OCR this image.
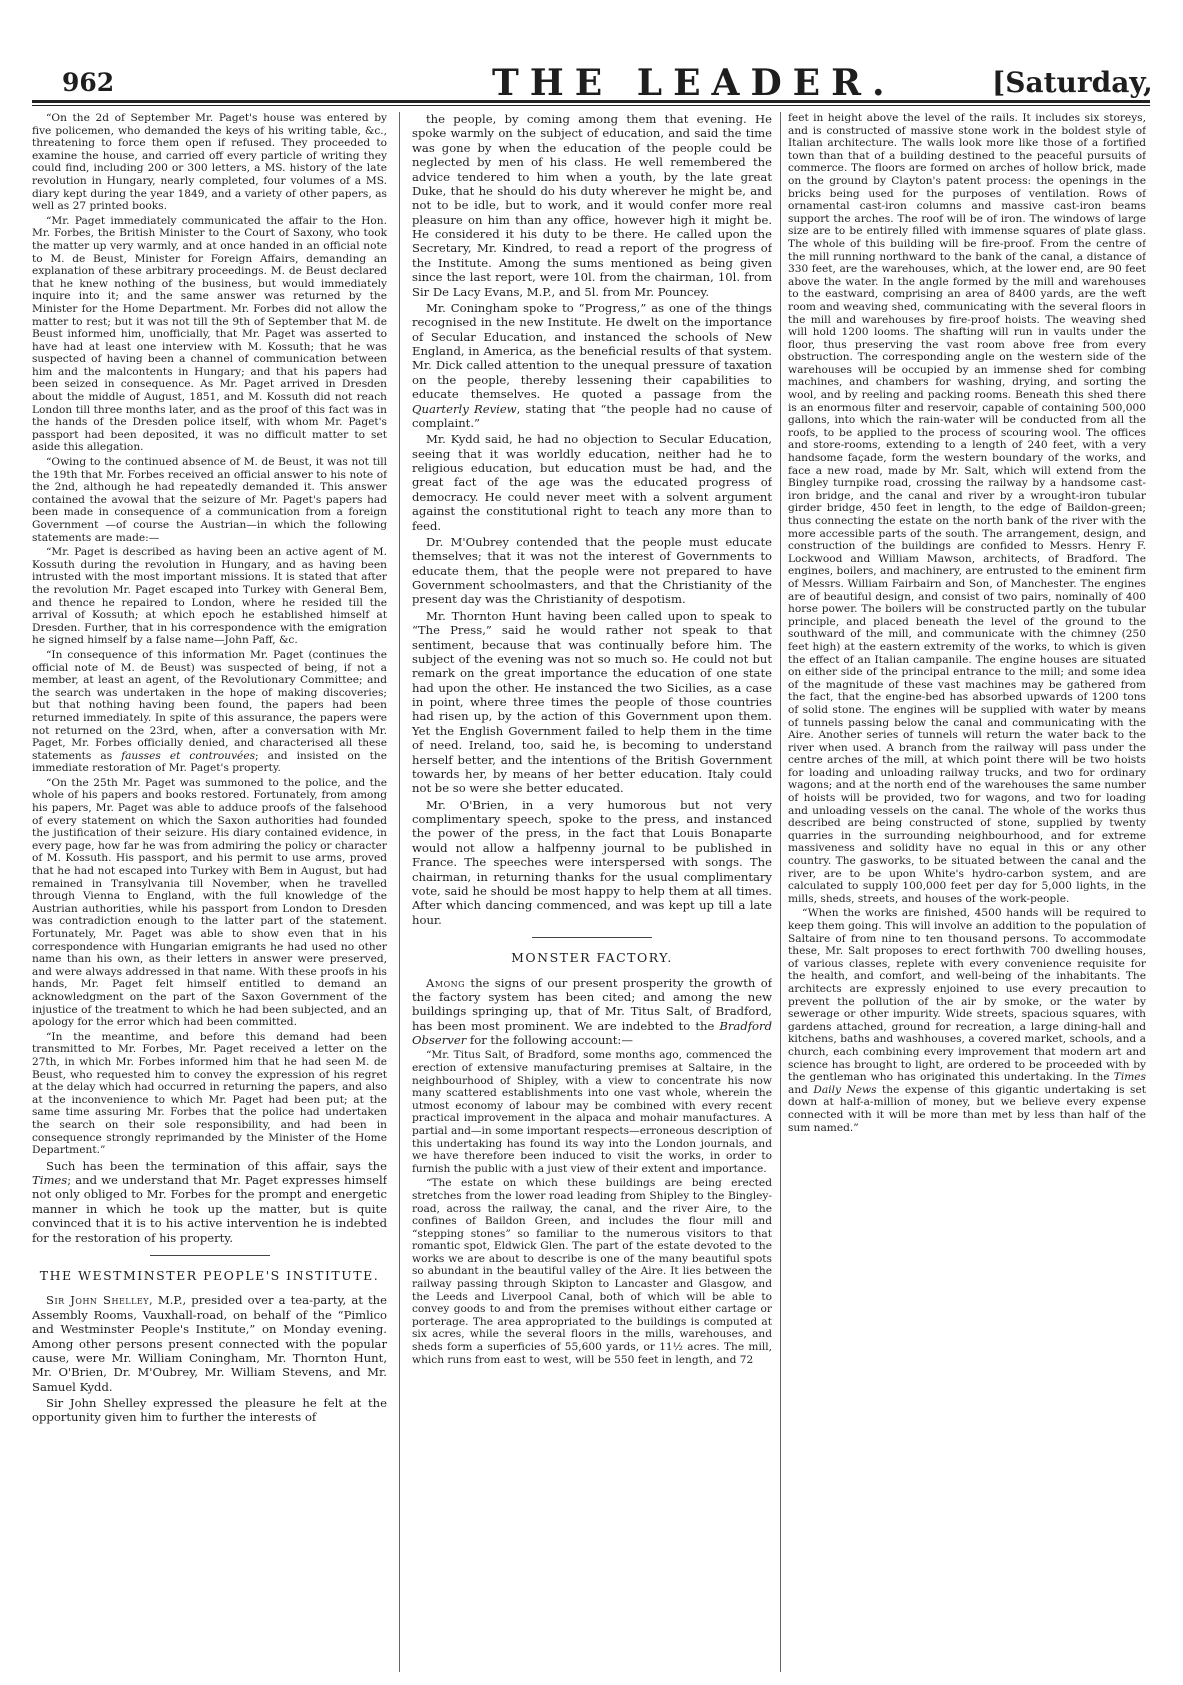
962	THE LEADER.	[Saturday,

“On the 2d of September Mr. Paget's house was entered by five policemen, who demanded the keys of his writing table, &c., threatening to force them open if refused. They proceeded to examine the house, and carried off every particle of writing they could find, including 200 or 300 letters, a MS. history of the late revolution in Hungary, nearly completed, four volumes of a MS. diary kept during the year 1849, and a variety of other papers, as well as 27 printed books.

“Mr. Paget immediately communicated the affair to the Hon. Mr. Forbes, the British Minister to the Court of Saxony, who took the matter up very warmly, and at once handed in an official note to M. de Beust, Minister for Foreign Affairs, demanding an explanation of these arbitrary proceedings. M. de Beust declared that he knew nothing of the business, but would immediately inquire into it; and the same answer was returned by the Minister for the Home Department. Mr. Forbes did not allow the matter to rest; but it was not till the 9th of September that M. de Beust informed him, unofficially, that Mr. Paget was asserted to have had at least one interview with M. Kossuth; that he was suspected of having been a channel of communication between him and the malcontents in Hungary; and that his papers had been seized in consequence. As Mr. Paget arrived in Dresden about the middle of August, 1851, and M. Kossuth did not reach London till three months later, and as the proof of this fact was in the hands of the Dresden police itself, with whom Mr. Paget's passport had been deposited, it was no difficult matter to set aside this allegation.

“Owing to the continued absence of M. de Beust, it was not till the 19th that Mr. Forbes received an official answer to his note of the 2nd, although he had repeatedly demanded it. This answer contained the avowal that the seizure of Mr. Paget's papers had been made in consequence of a communication from a foreign Government —of course the Austrian—in which the following statements are made:—

“Mr. Paget is described as having been an active agent of M. Kossuth during the revolution in Hungary, and as having been intrusted with the most important missions. It is stated that after the revolution Mr. Paget escaped into Turkey with General Bem, and thence he repaired to London, where he resided till the arrival of Kossuth; at which epoch he established himself at Dresden. Further, that in his correspondence with the emigration he signed himself by a false name—John Paff, &c.

“In consequence of this information Mr. Paget (continues the official note of M. de Beust) was suspected of being, if not a member, at least an agent, of the Revolutionary Committee; and the search was undertaken in the hope of making discoveries; but that nothing having been found, the papers had been returned immediately. In spite of this assurance, the papers were not returned on the 23rd, when, after a conversation with Mr. Paget, Mr. Forbes officially denied, and characterised all these statements as fausses et controuvées; and insisted on the immediate restoration of Mr. Paget's property.

“On the 25th Mr. Paget was summoned to the police, and the whole of his papers and books restored. Fortunately, from among his papers, Mr. Paget was able to adduce proofs of the falsehood of every statement on which the Saxon authorities had founded the justification of their seizure. His diary contained evidence, in every page, how far he was from admiring the policy or character of M. Kossuth. His passport, and his permit to use arms, proved that he had not escaped into Turkey with Bem in August, but had remained in Transylvania till November, when he travelled through Vienna to England, with the full knowledge of the Austrian authorities, while his passport from London to Dresden was contradiction enough to the latter part of the statement. Fortunately, Mr. Paget was able to show even that in his correspondence with Hungarian emigrants he had used no other name than his own, as their letters in answer were preserved, and were always addressed in that name. With these proofs in his hands, Mr. Paget felt himself entitled to demand an acknowledgment on the part of the Saxon Government of the injustice of the treatment to which he had been subjected, and an apology for the error which had been committed.

“In the meantime, and before this demand had been transmitted to Mr. Forbes, Mr. Paget received a letter on the 27th, in which Mr. Forbes informed him that he had seen M. de Beust, who requested him to convey the expression of his regret at the delay which had occurred in returning the papers, and also at the inconvenience to which Mr. Paget had been put; at the same time assuring Mr. Forbes that the police had undertaken the search on their sole responsibility, and had been in consequence strongly reprimanded by the Minister of the Home Department.”

Such has been the termination of this affair, says the Times; and we understand that Mr. Paget expresses himself not only obliged to Mr. Forbes for the prompt and energetic manner in which he took up the matter, but is quite convinced that it is to his active intervention he is indebted for the restoration of his property.

THE WESTMINSTER PEOPLE'S INSTITUTE.

Sir John Shelley, M.P., presided over a tea-party, at the Assembly Rooms, Vauxhall-road, on behalf of the “Pimlico and Westminster People's Institute,” on Monday evening. Among other persons present connected with the popular cause, were Mr. William Coningham, Mr. Thornton Hunt, Mr. O'Brien, Dr. M'Oubrey, Mr. William Stevens, and Mr. Samuel Kydd.

Sir John Shelley expressed the pleasure he felt at the opportunity given him to further the interests of

the people, by coming among them that evening. He spoke warmly on the subject of education, and said the time was gone by when the education of the people could be neglected by men of his class. He well remembered the advice tendered to him when a youth, by the late great Duke, that he should do his duty wherever he might be, and not to be idle, but to work, and it would confer more real pleasure on him than any office, however high it might be. He considered it his duty to be there. He called upon the Secretary, Mr. Kindred, to read a report of the progress of the Institute. Among the sums mentioned as being given since the last report, were 10l. from the chairman, 10l. from Sir De Lacy Evans, M.P., and 5l. from Mr. Pouncey.

Mr. Coningham spoke to “Progress,” as one of the things recognised in the new Institute. He dwelt on the importance of Secular Education, and instanced the schools of New England, in America, as the beneficial results of that system. Mr. Dick called attention to the unequal pressure of taxation on the people, thereby lessening their capabilities to educate themselves. He quoted a passage from the Quarterly Review, stating that “the people had no cause of complaint.”

Mr. Kydd said, he had no objection to Secular Education, seeing that it was worldly education, neither had he to religious education, but education must be had, and the great fact of the age was the educated progress of democracy. He could never meet with a solvent argument against the constitutional right to teach any more than to feed.

Dr. M'Oubrey contended that the people must educate themselves; that it was not the interest of Governments to educate them, that the people were not prepared to have Government schoolmasters, and that the Christianity of the present day was the Christianity of despotism.

Mr. Thornton Hunt having been called upon to speak to “The Press,” said he would rather not speak to that sentiment, because that was continually before him. The subject of the evening was not so much so. He could not but remark on the great importance the education of one state had upon the other. He instanced the two Sicilies, as a case in point, where three times the people of those countries had risen up, by the action of this Government upon them. Yet the English Government failed to help them in the time of need. Ireland, too, said he, is becoming to understand herself better, and the intentions of the British Government towards her, by means of her better education. Italy could not be so were she better educated.

Mr. O'Brien, in a very humorous but not very complimentary speech, spoke to the press, and instanced the power of the press, in the fact that Louis Bonaparte would not allow a halfpenny journal to be published in France. The speeches were interspersed with songs. The chairman, in returning thanks for the usual complimentary vote, said he should be most happy to help them at all times. After which dancing commenced, and was kept up till a late hour.

MONSTER FACTORY.

Among the signs of our present prosperity the growth of the factory system has been cited; and among the new buildings springing up, that of Mr. Titus Salt, of Bradford, has been most prominent. We are indebted to the Bradford Observer for the following account:—

“Mr. Titus Salt, of Bradford, some months ago, commenced the erection of extensive manufacturing premises at Saltaire, in the neighbourhood of Shipley, with a view to concentrate his now many scattered establishments into one vast whole, wherein the utmost economy of labour may be combined with every recent practical improvement in the alpaca and mohair manufactures. A partial and—in some important respects—erroneous description of this undertaking has found its way into the London journals, and we have therefore been induced to visit the works, in order to furnish the public with a just view of their extent and importance.

“The estate on which these buildings are being erected stretches from the lower road leading from Shipley to the Bingley-road, across the railway, the canal, and the river Aire, to the confines of Baildon Green, and includes the flour mill and “stepping stones” so familiar to the numerous visitors to that romantic spot, Eldwick Glen. The part of the estate devoted to the works we are about to describe is one of the many beautiful spots so abundant in the beautiful valley of the Aire. It lies between the railway passing through Skipton to Lancaster and Glasgow, and the Leeds and Liverpool Canal, both of which will be able to convey goods to and from the premises without either cartage or porterage. The area appropriated to the buildings is computed at six acres, while the several floors in the mills, warehouses, and sheds form a superficies of 55,600 yards, or 11½ acres. The mill, which runs from east to west, will be 550 feet in length, and 72

feet in height above the level of the rails. It includes six storeys, and is constructed of massive stone work in the boldest style of Italian architecture. The walls look more like those of a fortified town than that of a building destined to the peaceful pursuits of commerce. The floors are formed on arches of hollow brick, made on the ground by Clayton's patent process: the openings in the bricks being used for the purposes of ventilation. Rows of ornamental cast-iron columns and massive cast-iron beams support the arches. The roof will be of iron. The windows of large size are to be entirely filled with immense squares of plate glass. The whole of this building will be fire-proof. From the centre of the mill running northward to the bank of the canal, a distance of 330 feet, are the warehouses, which, at the lower end, are 90 feet above the water. In the angle formed by the mill and warehouses to the eastward, comprising an area of 8400 yards, are the weft room and weaving shed, communicating with the several floors in the mill and warehouses by fire-proof hoists. The weaving shed will hold 1200 looms. The shafting will run in vaults under the floor, thus preserving the vast room above free from every obstruction. The corresponding angle on the western side of the warehouses will be occupied by an immense shed for combing machines, and chambers for washing, drying, and sorting the wool, and by reeling and packing rooms. Beneath this shed there is an enormous filter and reservoir, capable of containing 500,000 gallons, into which the rain-water will be conducted from all the roofs, to be applied to the process of scouring wool. The offices and store-rooms, extending to a length of 240 feet, with a very handsome façade, form the western boundary of the works, and face a new road, made by Mr. Salt, which will extend from the Bingley turnpike road, crossing the railway by a handsome cast-iron bridge, and the canal and river by a wrought-iron tubular girder bridge, 450 feet in length, to the edge of Baildon-green; thus connecting the estate on the north bank of the river with the more accessible parts of the south. The arrangement, design, and construction of the buildings are confided to Messrs. Henry F. Lockwood and William Mawson, architects, of Bradford. The engines, boilers, and machinery, are entrusted to the eminent firm of Messrs. William Fairbairn and Son, of Manchester. The engines are of beautiful design, and consist of two pairs, nominally of 400 horse power. The boilers will be constructed partly on the tubular principle, and placed beneath the level of the ground to the southward of the mill, and communicate with the chimney (250 feet high) at the eastern extremity of the works, to which is given the effect of an Italian campanile. The engine houses are situated on either side of the principal entrance to the mill; and some idea of the magnitude of these vast machines may be gathered from the fact, that the engine-bed has absorbed upwards of 1200 tons of solid stone. The engines will be supplied with water by means of tunnels passing below the canal and communicating with the Aire. Another series of tunnels will return the water back to the river when used. A branch from the railway will pass under the centre arches of the mill, at which point there will be two hoists for loading and unloading railway trucks, and two for ordinary wagons; and at the north end of the warehouses the same number of hoists will be provided, two for wagons, and two for loading and unloading vessels on the canal. The whole of the works thus described are being constructed of stone, supplied by twenty quarries in the surrounding neighbourhood, and for extreme massiveness and solidity have no equal in this or any other country. The gasworks, to be situated between the canal and the river, are to be upon White's hydro-carbon system, and are calculated to supply 100,000 feet per day for 5,000 lights, in the mills, sheds, streets, and houses of the work-people.

“When the works are finished, 4500 hands will be required to keep them going. This will involve an addition to the population of Saltaire of from nine to ten thousand persons. To accommodate these, Mr. Salt proposes to erect forthwith 700 dwelling houses, of various classes, replete with every convenience requisite for the health, and comfort, and well-being of the inhabitants. The architects are expressly enjoined to use every precaution to prevent the pollution of the air by smoke, or the water by sewerage or other impurity. Wide streets, spacious squares, with gardens attached, ground for recreation, a large dining-hall and kitchens, baths and washhouses, a covered market, schools, and a church, each combining every improvement that modern art and science has brought to light, are ordered to be proceeded with by the gentleman who has originated this undertaking. In the Times and Daily News the expense of this gigantic undertaking is set down at half-a-million of money, but we believe every expense connected with it will be more than met by less than half of the sum named.”
